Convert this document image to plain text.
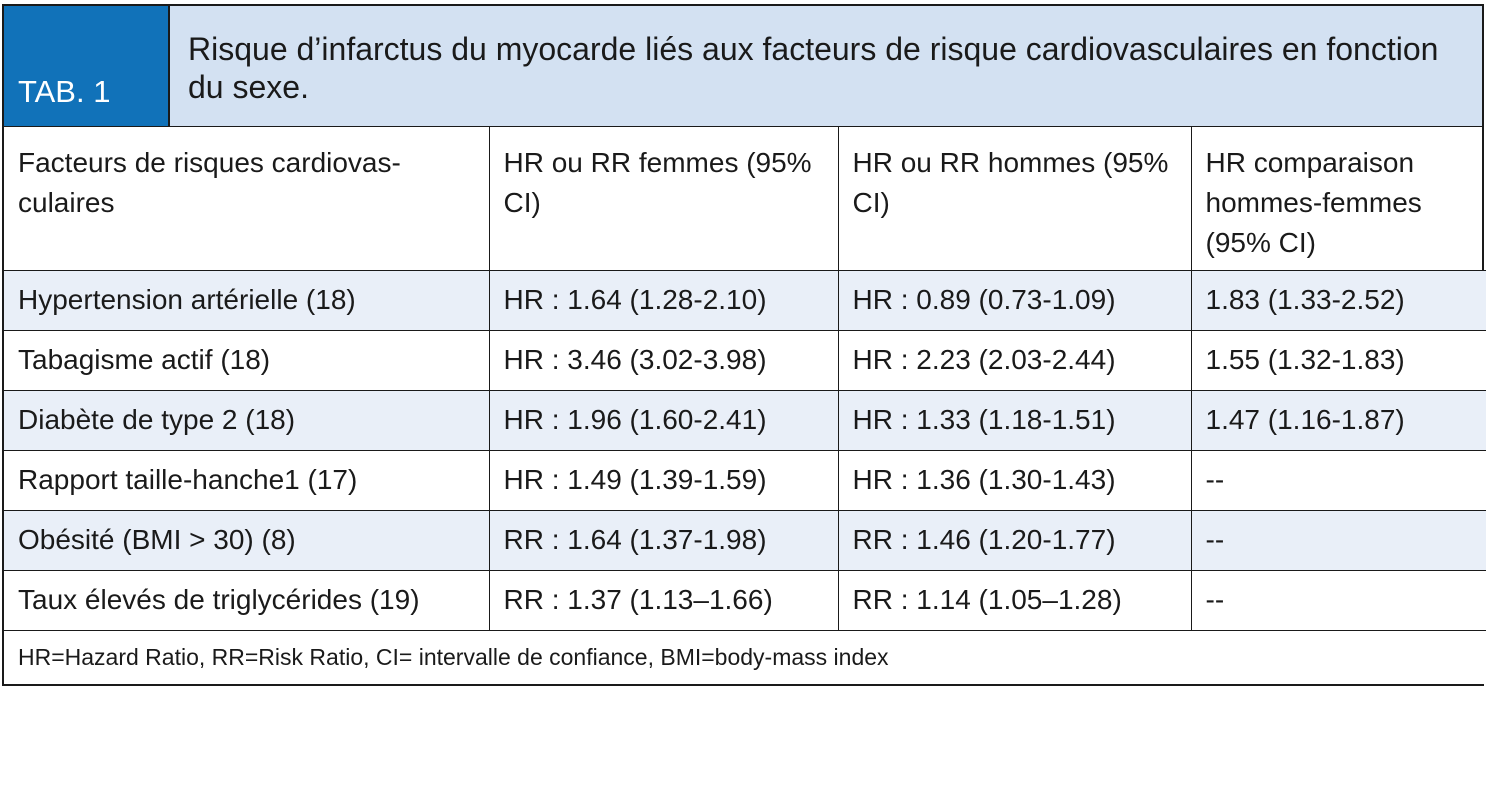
TAB. 1
Risque d’infarctus du myocarde liés aux facteurs de risque cardiovasculaires en fonction du sexe.
Facteurs de risques cardiovas-culaires	HR ou RR femmes (95% CI)	HR ou RR hommes (95% CI)	HR comparaison hommes-femmes (95% CI)
Hypertension artérielle (18)	HR : 1.64 (1.28-2.10)	HR : 0.89 (0.73-1.09)	1.83 (1.33-2.52)
Tabagisme actif (18)	HR : 3.46 (3.02-3.98)	HR : 2.23 (2.03-2.44)	1.55 (1.32-1.83)
Diabète de type 2 (18)	HR : 1.96 (1.60-2.41)	HR : 1.33 (1.18-1.51)	1.47 (1.16-1.87)
Rapport taille-hanche1 (17)	HR : 1.49 (1.39-1.59)	HR : 1.36 (1.30-1.43)	--
Obésité (BMI > 30) (8)	RR : 1.64 (1.37-1.98)	RR : 1.46 (1.20-1.77)	--
Taux élevés de triglycérides (19)	RR : 1.37 (1.13–1.66)	RR : 1.14 (1.05–1.28)	--
HR=Hazard Ratio, RR=Risk Ratio, CI= intervalle de confiance, BMI=body-mass index			
